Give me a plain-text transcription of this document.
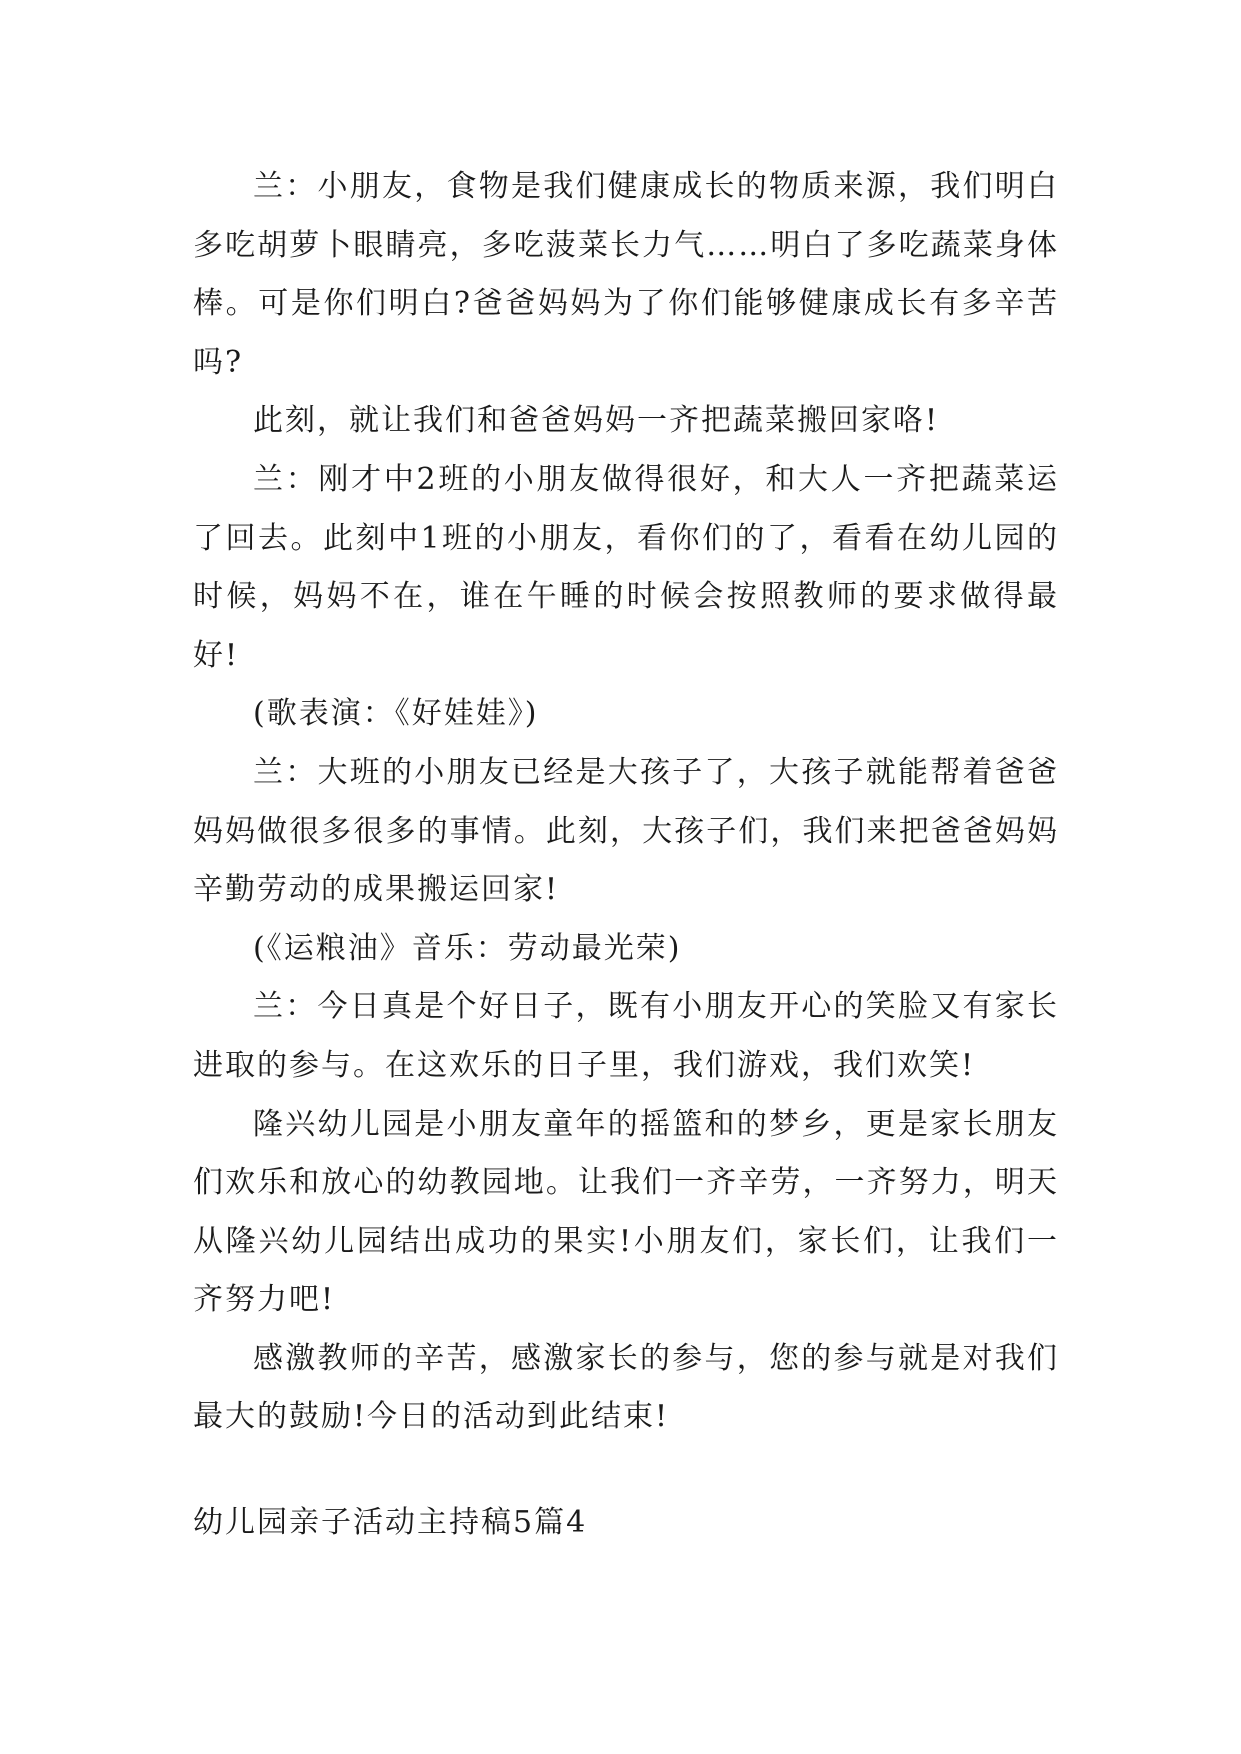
兰：小朋友，食物是我们健康成长的物质来源，我们明白多吃胡萝卜眼睛亮，多吃菠菜长力气……明白了多吃蔬菜身体棒。可是你们明白?爸爸妈妈为了你们能够健康成长有多辛苦吗?

此刻，就让我们和爸爸妈妈一齐把蔬菜搬回家咯!

兰：刚才中2班的小朋友做得很好，和大人一齐把蔬菜运了回去。此刻中1班的小朋友，看你们的了，看看在幼儿园的时候，妈妈不在，谁在午睡的时候会按照教师的要求做得最好!

(歌表演：《好娃娃》)

兰：大班的小朋友已经是大孩子了，大孩子就能帮着爸爸妈妈做很多很多的事情。此刻，大孩子们，我们来把爸爸妈妈辛勤劳动的成果搬运回家!

(《运粮油》音乐：劳动最光荣)

兰：今日真是个好日子，既有小朋友开心的笑脸又有家长进取的参与。在这欢乐的日子里，我们游戏，我们欢笑!

隆兴幼儿园是小朋友童年的摇篮和的梦乡，更是家长朋友们欢乐和放心的幼教园地。让我们一齐辛劳，一齐努力，明天从隆兴幼儿园结出成功的果实!小朋友们，家长们，让我们一齐努力吧!

感激教师的辛苦，感激家长的参与，您的参与就是对我们最大的鼓励!今日的活动到此结束!

幼儿园亲子活动主持稿5篇4
